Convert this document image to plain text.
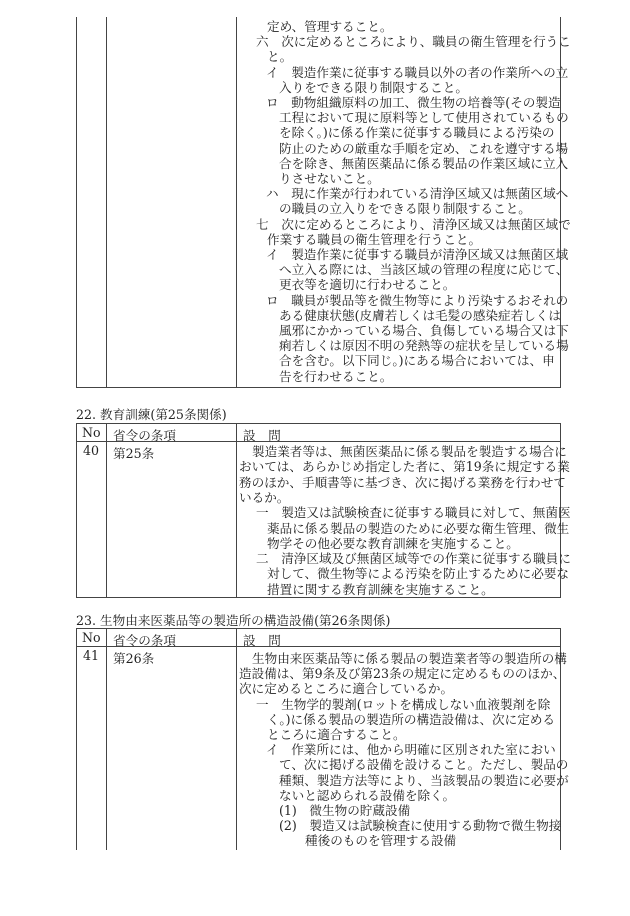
22. 教育訓練(第25条関係)
No 省令の条項	設　問
40 第25条
23. 生物由来医薬品等の製造所の構造設備(第26条関係)
No 省令の条項	設　問
41 第26条
定め、管理すること。
六　次に定めるところにより、職員の衛生管理を行うこ
と。
イ　製造作業に従事する職員以外の者の作業所への立
入りをできる限り制限すること。
ロ　動物組織原料の加工、微生物の培養等(その製造
工程において現に原料等として使用されているもの
を除く。)に係る作業に従事する職員による汚染の
防止のための厳重な手順を定め、これを遵守する場
合を除き、無菌医薬品に係る製品の作業区域に立入
りさせないこと。
ハ　現に作業が行われている清浄区域又は無菌区域へ
の職員の立入りをできる限り制限すること。
七　次に定めるところにより、清浄区域又は無菌区域で
作業する職員の衛生管理を行うこと。
イ　製造作業に従事する職員が清浄区域又は無菌区域
へ立入る際には、当該区域の管理の程度に応じて、
更衣等を適切に行わせること。
ロ　職員が製品等を微生物等により汚染するおそれの
ある健康状態(皮膚若しくは毛髪の感染症若しくは
風邪にかかっている場合、負傷している場合又は下
痢若しくは原因不明の発熱等の症状を呈している場
合を含む。以下同じ。)にある場合においては、申
告を行わせること。
製造業者等は、無菌医薬品に係る製品を製造する場合に
おいては、あらかじめ指定した者に、第19条に規定する業
務のほか、手順書等に基づき、次に掲げる業務を行わせて
いるか。
一　製造又は試験検査に従事する職員に対して、無菌医
薬品に係る製品の製造のために必要な衛生管理、微生
物学その他必要な教育訓練を実施すること。
二　清浄区域及び無菌区域等での作業に従事する職員に
対して、微生物等による汚染を防止するために必要な
措置に関する教育訓練を実施すること。
生物由来医薬品等に係る製品の製造業者等の製造所の構
造設備は、第9条及び第23条の規定に定めるもののほか、
次に定めるところに適合しているか。
一　生物学的製剤(ロットを構成しない血液製剤を除
く。)に係る製品の製造所の構造設備は、次に定める
ところに適合すること。
イ　作業所には、他から明確に区別された室におい
て、次に掲げる設備を設けること。ただし、製品の
種類、製造方法等により、当該製品の製造に必要が
ないと認められる設備を除く。
(1)　微生物の貯蔵設備
(2)　製造又は試験検査に使用する動物で微生物接
種後のものを管理する設備
